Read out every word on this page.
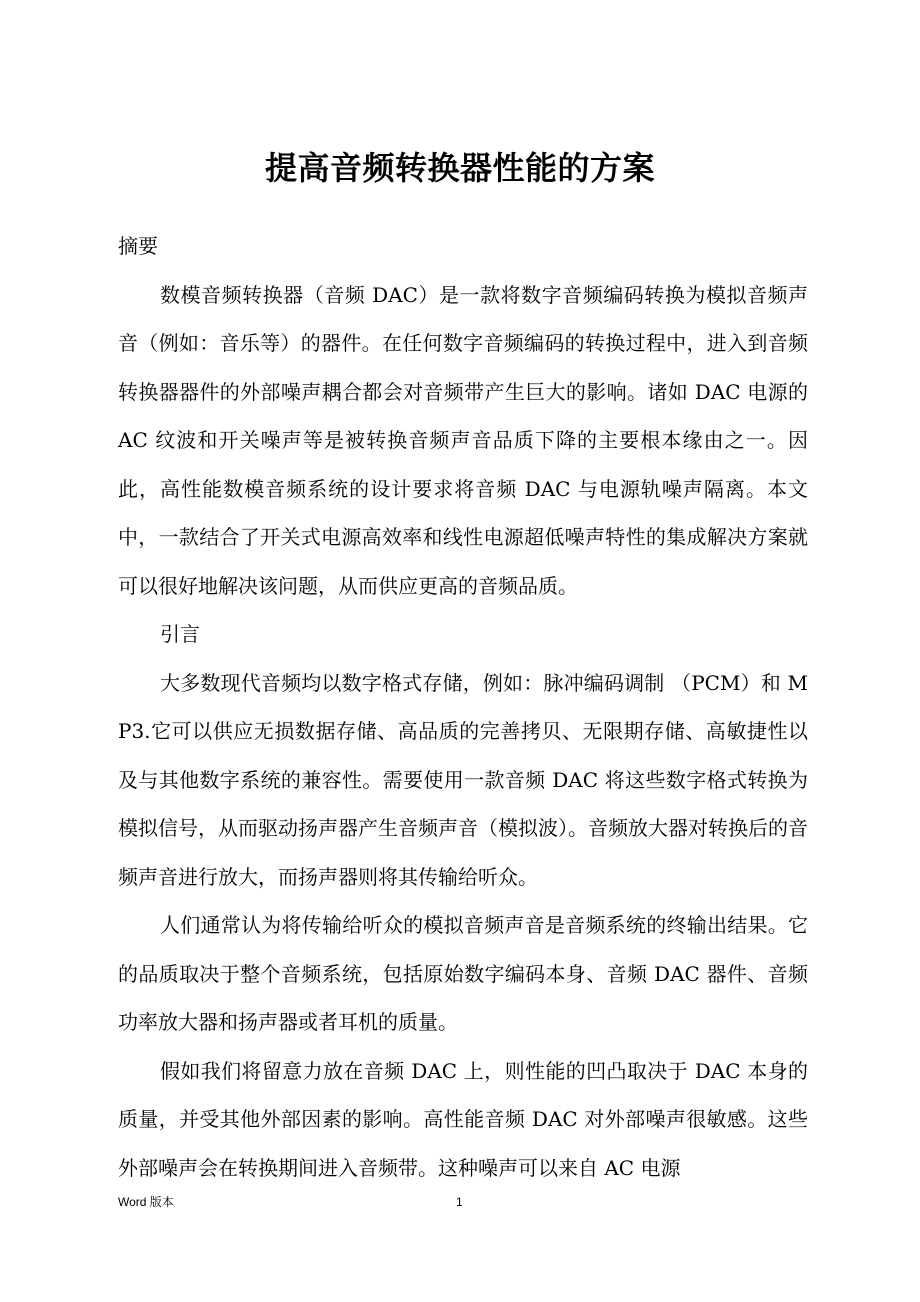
提高音频转换器性能的方案

摘要

数模音频转换器（音频 DAC）是一款将数字音频编码转换为模拟音频声音（例如：音乐等）的器件。在任何数字音频编码的转换过程中，进入到音频转换器器件的外部噪声耦合都会对音频带产生巨大的影响。诸如 DAC 电源的 AC 纹波和开关噪声等是被转换音频声音品质下降的主要根本缘由之一。因此，高性能数模音频系统的设计要求将音频 DAC 与电源轨噪声隔离。本文中，一款结合了开关式电源高效率和线性电源超低噪声特性的集成解决方案就可以很好地解决该问题，从而供应更高的音频品质。

引言

大多数现代音频均以数字格式存储，例如：脉冲编码调制 （PCM）和 MP3.它可以供应无损数据存储、高品质的完善拷贝、无限期存储、高敏捷性以及与其他数字系统的兼容性。需要使用一款音频 DAC 将这些数字格式转换为模拟信号，从而驱动扬声器产生音频声音（模拟波）。音频放大器对转换后的音频声音进行放大，而扬声器则将其传输给听众。

人们通常认为将传输给听众的模拟音频声音是音频系统的终输出结果。它的品质取决于整个音频系统，包括原始数字编码本身、音频 DAC 器件、音频功率放大器和扬声器或者耳机的质量。

假如我们将留意力放在音频 DAC 上，则性能的凹凸取决于 DAC 本身的质量，并受其他外部因素的影响。高性能音频 DAC 对外部噪声很敏感。这些外部噪声会在转换期间进入音频带。这种噪声可以来自 AC 电源

Word 版本	1
